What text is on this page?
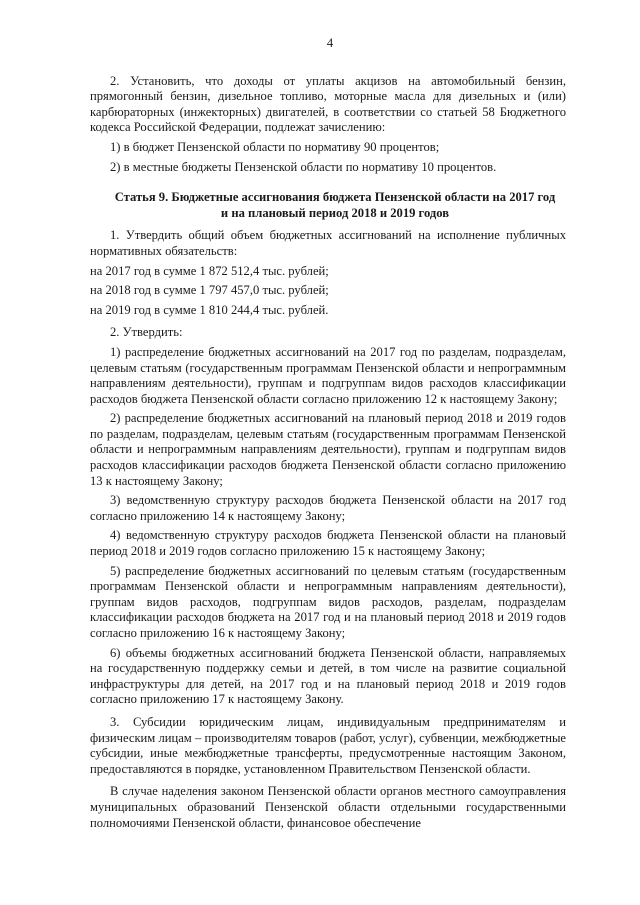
4

2. Установить, что доходы от уплаты акцизов на автомобильный бензин, прямогонный бензин, дизельное топливо, моторные масла для дизельных и (или) карбюраторных (инжекторных) двигателей, в соответствии со статьей 58 Бюджетного кодекса Российской Федерации, подлежат зачислению:

1) в бюджет Пензенской области по нормативу 90 процентов;

2) в местные бюджеты Пензенской области по нормативу 10 процентов.

Статья 9. Бюджетные ассигнования бюджета Пензенской области на 2017 год

и на плановый период 2018 и 2019 годов

1. Утвердить общий объем бюджетных ассигнований на исполнение публичных нормативных обязательств:

на 2017 год в сумме 1 872 512,4 тыс. рублей;

на 2018 год в сумме 1 797 457,0 тыс. рублей;

на 2019 год в сумме 1 810 244,4 тыс. рублей.

2. Утвердить:

1) распределение бюджетных ассигнований на 2017 год по разделам, подразделам, целевым статьям (государственным программам Пензенской области и непрограммным направлениям деятельности), группам и подгруппам видов расходов классификации расходов бюджета Пензенской области согласно приложению 12 к настоящему Закону;

2) распределение бюджетных ассигнований на плановый период 2018 и 2019 годов по разделам, подразделам, целевым статьям (государственным программам Пензенской области и непрограммным направлениям деятельности), группам и подгруппам видов расходов классификации расходов бюджета Пензенской области согласно приложению 13 к настоящему Закону;

3) ведомственную структуру расходов бюджета Пензенской области на 2017 год согласно приложению 14 к настоящему Закону;

4) ведомственную структуру расходов бюджета Пензенской области на плановый период 2018 и 2019 годов согласно приложению 15 к настоящему Закону;

5) распределение бюджетных ассигнований по целевым статьям (государственным программам Пензенской области и непрограммным направлениям деятельности), группам видов расходов, подгруппам видов расходов, разделам, подразделам классификации расходов бюджета на 2017 год и на плановый период 2018 и 2019 годов согласно приложению 16 к настоящему Закону;

6) объемы бюджетных ассигнований бюджета Пензенской области, направляемых на государственную поддержку семьи и детей, в том числе на развитие социальной инфраструктуры для детей, на 2017 год и на плановый период 2018 и 2019 годов согласно приложению 17 к настоящему Закону.

3. Субсидии юридическим лицам, индивидуальным предпринимателям и физическим лицам – производителям товаров (работ, услуг), субвенции, межбюджетные субсидии, иные межбюджетные трансферты, предусмотренные настоящим Законом, предоставляются в порядке, установленном Правительством Пензенской области.

В случае наделения законом Пензенской области органов местного самоуправления муниципальных образований Пензенской области отдельными государственными полномочиями Пензенской области, финансовое обеспечение
